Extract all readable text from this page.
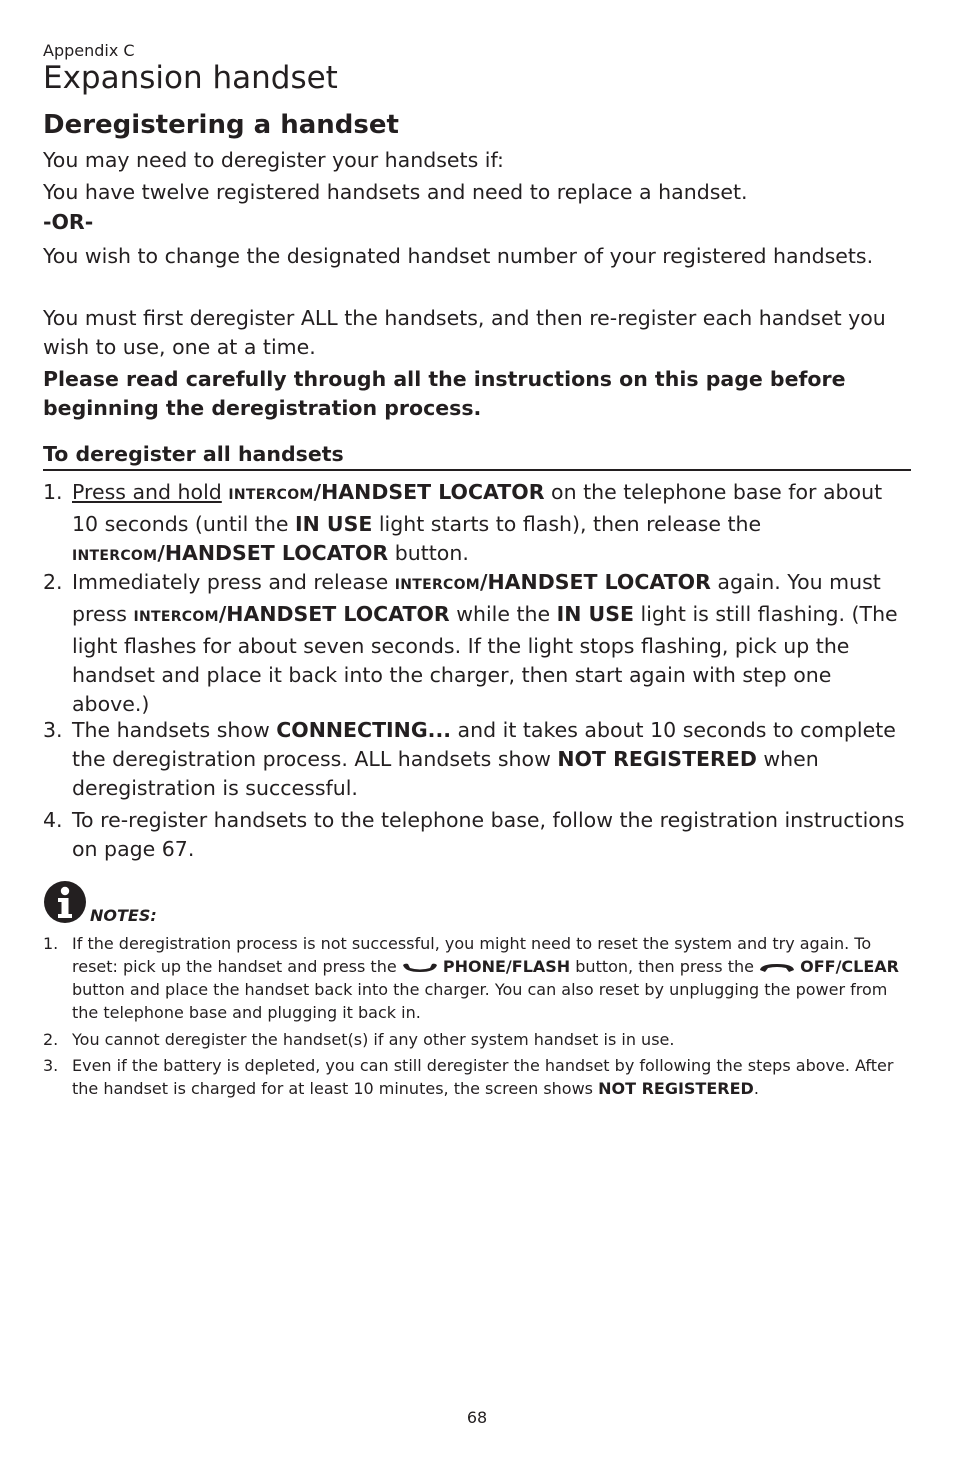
Appendix C
Expansion handset
Deregistering a handset

You may need to deregister your handsets if:

You have twelve registered handsets and need to replace a handset.

-OR-

You wish to change the designated handset number of your registered handsets.

You must first deregister ALL the handsets, and then re-register each handset you wish to use, one at a time.

Please read carefully through all the instructions on this page before beginning the deregistration process.

To deregister all handsets
1. Press and hold INTERCOM/HANDSET LOCATOR on the telephone base for about 10 seconds (until the IN USE light starts to flash), then release the INTERCOM/HANDSET LOCATOR button.
2. Immediately press and release INTERCOM/HANDSET LOCATOR again. You must press INTERCOM/HANDSET LOCATOR while the IN USE light is still flashing. (The light flashes for about seven seconds. If the light stops flashing, pick up the handset and place it back into the charger, then start again with step one above.)
3. The handsets show CONNECTING... and it takes about 10 seconds to complete the deregistration process. ALL handsets show NOT REGISTERED when deregistration is successful.
4. To re-register handsets to the telephone base, follow the registration instructions on page 67.
NOTES:
1. If the deregistration process is not successful, you might need to reset the system and try again. To reset: pick up the handset and press the	PHONE/FLASH button, then press the	OFF/CLEAR button and place the handset back into the charger. You can also reset by unplugging the power from the telephone base and plugging it back in.
2. You cannot deregister the handset(s) if any other system handset is in use.
3. Even if the battery is depleted, you can still deregister the handset by following the steps above. After the handset is charged for at least 10 minutes, the screen shows NOT REGISTERED.
68
